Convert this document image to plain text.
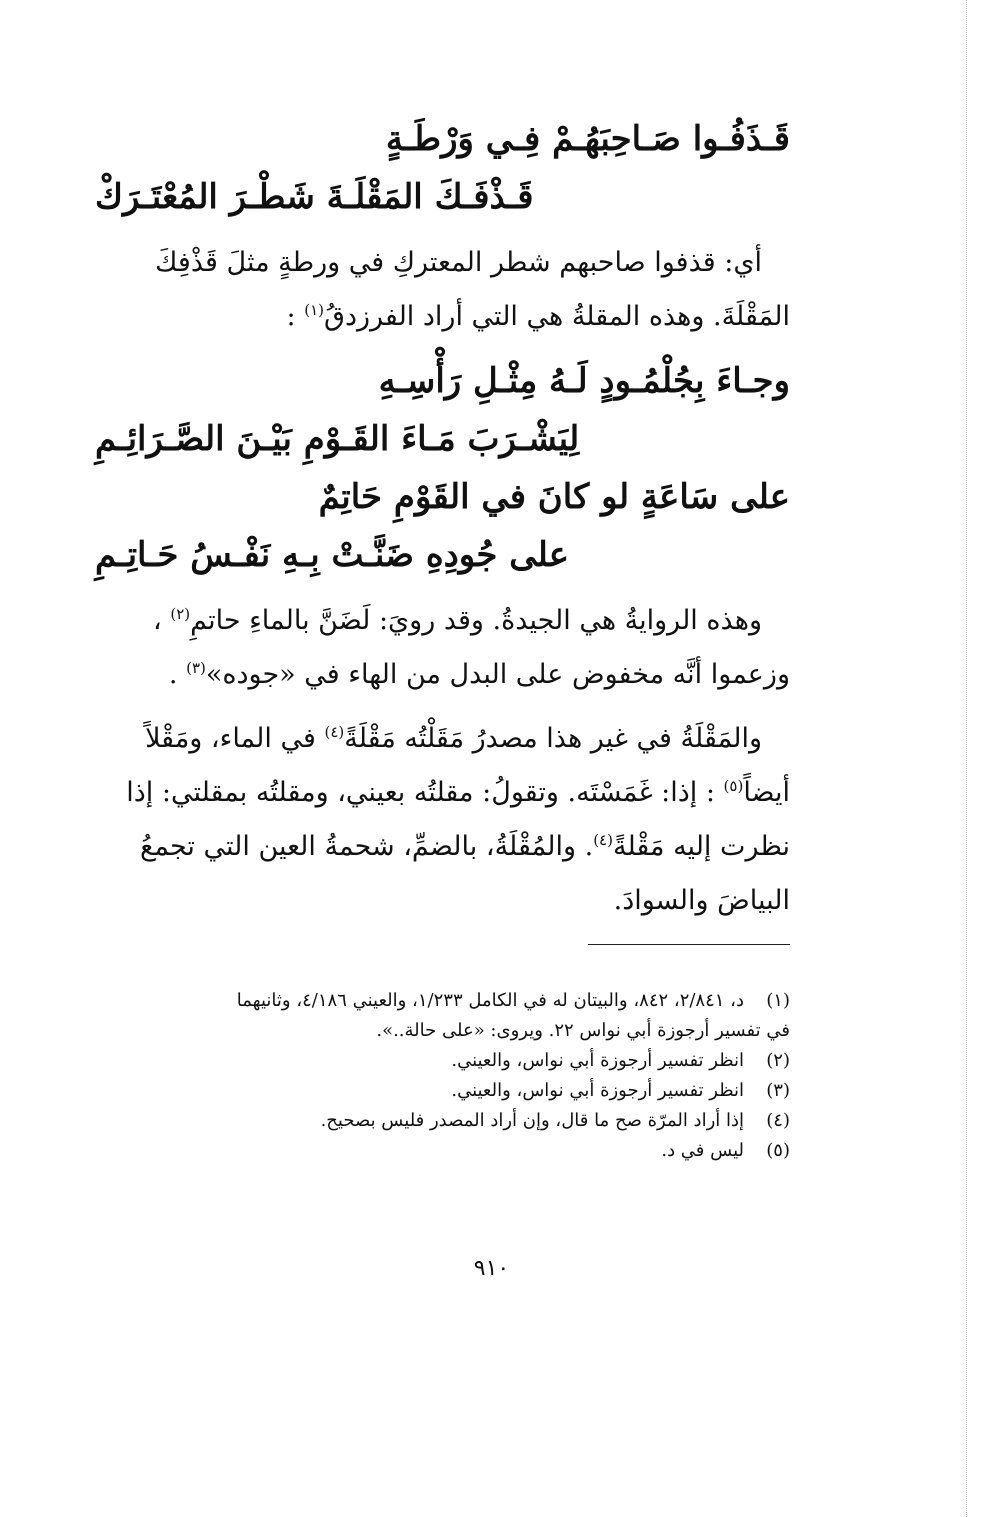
قَـذَفُـوا صَـاحِبَهُـمْ فِـي وَرْطَـةٍ
قَـذْفَـكَ المَقْلَـةَ شَطْـرَ المُعْتَـرَكْ
أي: قذفوا صاحبهم شطر المعتركِ في ورطةٍ مثلَ قَذْفِكَ
المَقْلَةَ. وهذه المقلةُ هي التي أراد الفرزدقُ$^{(١)}$ :
وجـاءَ بِجُلْمُـودٍ لَـهُ مِثْـلِ رَأْسِـهِ
لِيَشْـرَبَ مَـاءَ القَـوْمِ بَيْـنَ الصَّـرَائِـمِ
على سَاعَةٍ لو كانَ في القَوْمِ حَاتِمٌ
على جُودِهِ ضَنَّـتْ بِـهِ نَفْـسُ حَـاتِـمِ
وهذه الروايةُ هي الجيدةُ. وقد رويَ: لَضَنَّ بالماءِ حاتمِ$^{(٢)}$ ،
وزعموا أنَّه مخفوض على البدل من الهاء في «جوده»$^{(٣)}$ .
والمَقْلَةُ في غير هذا مصدرُ مَقَلْتُه مَقْلَةً$^{(٤)}$ في الماء، ومَقْلاً
أيضاً$^{(٥)}$ : إذا: غَمَسْتَه. وتقولُ: مقلتُه بعيني، ومقلتُه بمقلتي: إذا
نظرت إليه مَقْلةً$^{(٤)}$. والمُقْلَةُ، بالضمِّ، شحمةُ العين التي تجمعُ
البياضَ والسوادَ.
(١)
د، ٢/٨٤١، ٨٤٢، والبيتان له في الكامل ١/٢٣٣، والعيني ٤/١٨٦، وثانيهما
في تفسير أرجوزة أبي نواس ٢٢. ويروى: «على حالة..».
(٢)
انظر تفسير أرجوزة أبي نواس، والعيني.
(٣)
انظر تفسير أرجوزة أبي نواس، والعيني.
(٤)
إذا أراد المرّة صح ما قال، وإن أراد المصدر فليس بصحيح.
(٥)
ليس في د.
٩١٠
